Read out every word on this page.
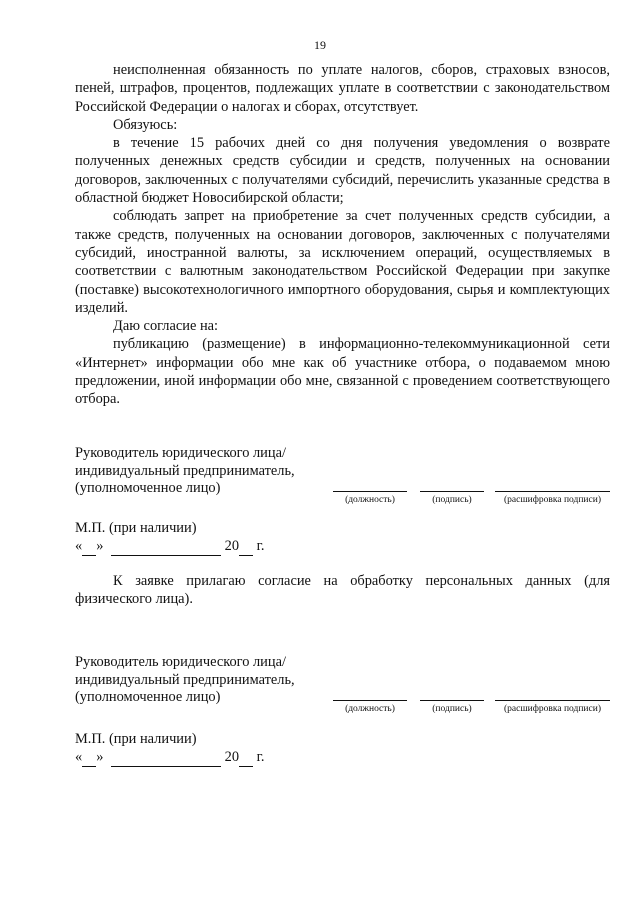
19

неисполненная обязанность по уплате налогов, сборов, страховых взносов, пеней, штрафов, процентов, подлежащих уплате в соответствии с законодательством Российской Федерации о налогах и сборах, отсутствует.

Обязуюсь:

в течение 15 рабочих дней со дня получения уведомления о возврате полученных денежных средств субсидии и средств, полученных на основании договоров, заключенных с получателями субсидий, перечислить указанные средства в областной бюджет Новосибирской области;

соблюдать запрет на приобретение за счет полученных средств субсидии, а также средств, полученных на основании договоров, заключенных с получателями субсидий, иностранной валюты, за исключением операций, осуществляемых в соответствии с валютным законодательством Российской Федерации при закупке (поставке) высокотехнологичного импортного оборудования, сырья и комплектующих изделий.

Даю согласие на:

публикацию (размещение) в информационно-телекоммуникационной сети «Интернет» информации обо мне как об участнике отбора, о подаваемом мною предложении, иной информации обо мне, связанной с проведением соответствующего отбора.

Руководитель юридического лица/
индивидуальный предприниматель,
(уполномоченное лицо)
(должность)	(подпись)	(расшифровка подписи)
М.П. (при наличии)
« »	20  г.

К заявке прилагаю согласие на обработку персональных данных (для физического лица).

Руководитель юридического лица/
индивидуальный предприниматель,
(уполномоченное лицо)
(должность)	(подпись)	(расшифровка подписи)
М.П. (при наличии)
« »	20  г.
